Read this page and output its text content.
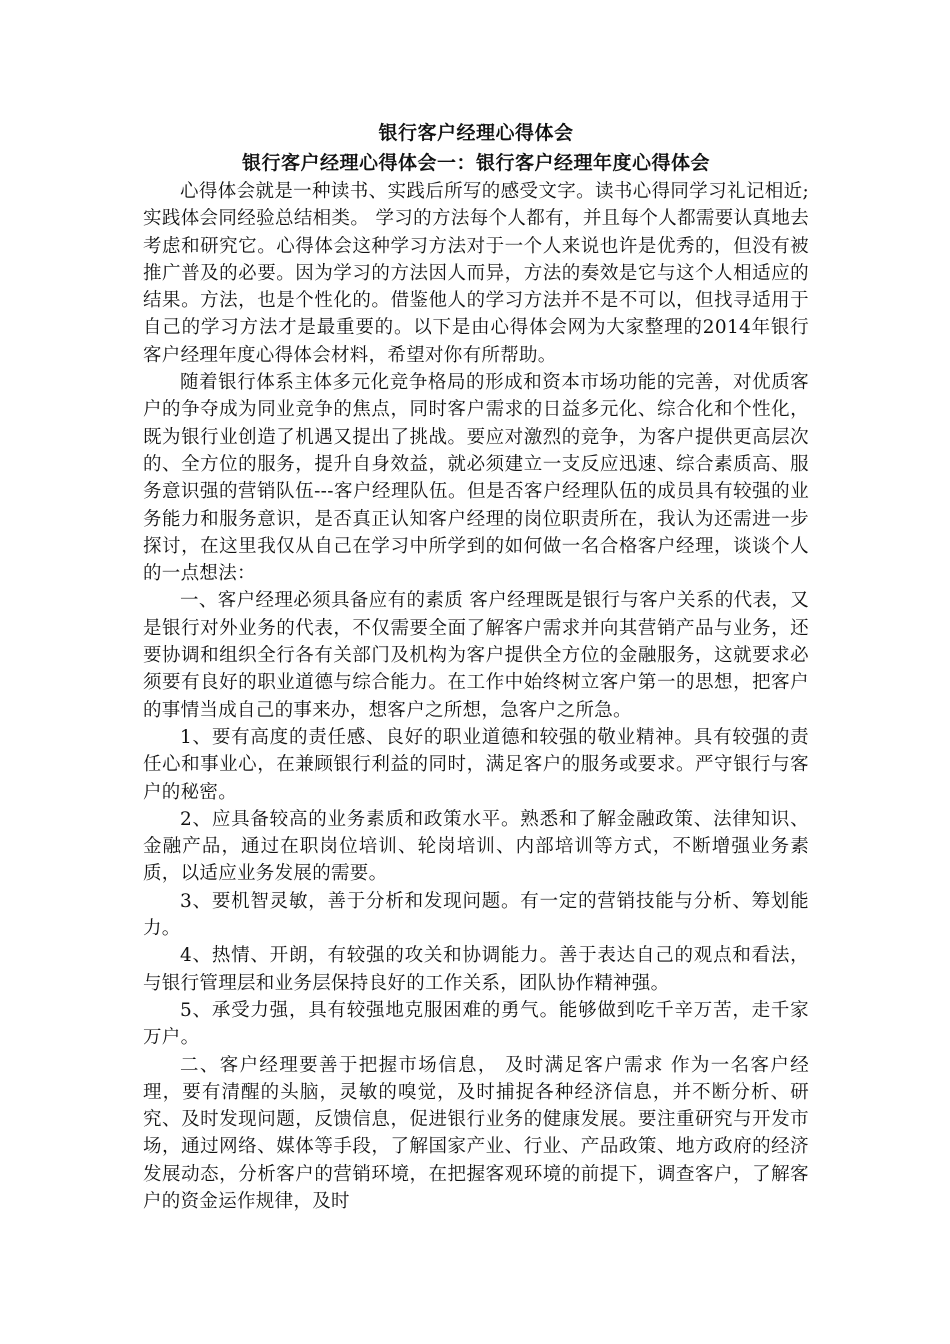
银行客户经理心得体会

银行客户经理心得体会一：银行客户经理年度心得体会

心得体会就是一种读书、实践后所写的感受文字。读书心得同学习礼记相近;实践体会同经验总结相类。 学习的方法每个人都有，并且每个人都需要认真地去考虑和研究它。心得体会这种学习方法对于一个人来说也许是优秀的，但没有被推广普及的必要。因为学习的方法因人而异，方法的奏效是它与这个人相适应的结果。方法，也是个性化的。借鉴他人的学习方法并不是不可以，但找寻适用于自己的学习方法才是最重要的。以下是由心得体会网为大家整理的2014年银行客户经理年度心得体会材料，希望对你有所帮助。

随着银行体系主体多元化竞争格局的形成和资本市场功能的完善，对优质客户的争夺成为同业竞争的焦点，同时客户需求的日益多元化、综合化和个性化，既为银行业创造了机遇又提出了挑战。要应对激烈的竞争，为客户提供更高层次的、全方位的服务，提升自身效益，就必须建立一支反应迅速、综合素质高、服务意识强的营销队伍---客户经理队伍。但是否客户经理队伍的成员具有较强的业务能力和服务意识，是否真正认知客户经理的岗位职责所在，我认为还需进一步探讨，在这里我仅从自己在学习中所学到的如何做一名合格客户经理，谈谈个人的一点想法：

一、客户经理必须具备应有的素质 客户经理既是银行与客户关系的代表，又是银行对外业务的代表，不仅需要全面了解客户需求并向其营销产品与业务，还要协调和组织全行各有关部门及机构为客户提供全方位的金融服务，这就要求必须要有良好的职业道德与综合能力。在工作中始终树立客户第一的思想，把客户的事情当成自己的事来办，想客户之所想，急客户之所急。

1、要有高度的责任感、良好的职业道德和较强的敬业精神。具有较强的责任心和事业心，在兼顾银行利益的同时，满足客户的服务或要求。严守银行与客户的秘密。

2、应具备较高的业务素质和政策水平。熟悉和了解金融政策、法律知识、金融产品，通过在职岗位培训、轮岗培训、内部培训等方式，不断增强业务素质，以适应业务发展的需要。

3、要机智灵敏，善于分析和发现问题。有一定的营销技能与分析、筹划能力。

4、热情、开朗，有较强的攻关和协调能力。善于表达自己的观点和看法，与银行管理层和业务层保持良好的工作关系，团队协作精神强。

5、承受力强，具有较强地克服困难的勇气。能够做到吃千辛万苦，走千家万户。

二、客户经理要善于把握市场信息， 及时满足客户需求 作为一名客户经理，要有清醒的头脑，灵敏的嗅觉，及时捕捉各种经济信息，并不断分析、研究、及时发现问题，反馈信息，促进银行业务的健康发展。要注重研究与开发市场，通过网络、媒体等手段，了解国家产业、行业、产品政策、地方政府的经济发展动态，分析客户的营销环境，在把握客观环境的前提下，调查客户，了解客户的资金运作规律，及时
